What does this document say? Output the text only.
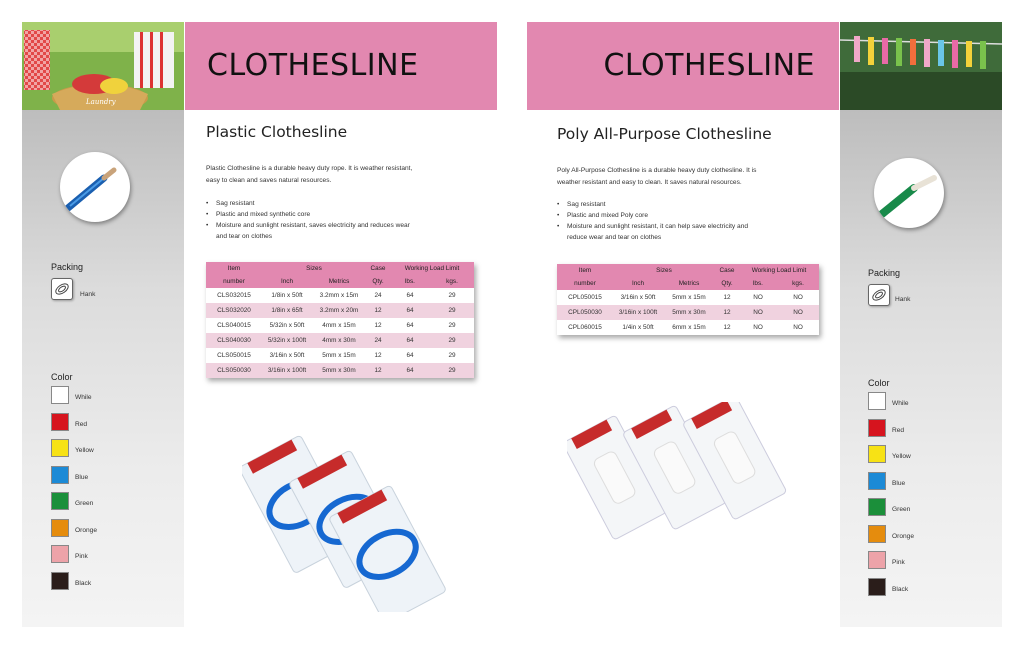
Laundry
CLOTHESLINE
Packing
Hank
Color
While
Red
Yellow
Blue
Green
Oronge
Pink
Black
Plastic Clothesline
Plastic Clothesline is a durable heavy duty rope. It is weather resistant,
easy to clean and saves natural resources.
• Sag resistant
• Plastic and mixed synthetic core
• Moisture and sunlight resistant, saves electricity and reduces wear
and tear on clothes
Item	Sizes		Case	Working Load Limit	
number	Inch	Metrics	Qty.	lbs.	kgs.
CLS032015	1/8in x 50ft	3.2mm x 15m	24	64	29
CLS032020	1/8in x 65ft	3.2mm x 20m	12	64	29
CLS040015	5/32in x 50ft	4mm x 15m	12	64	29
CLS040030	5/32in x 100ft	4mm x 30m	24	64	29
CLS050015	3/16in x 50ft	5mm x 15m	12	64	29
CLS050030	3/16in x 100ft	5mm x 30m	12	64	29
CLOTHESLINE
Packing
Hank
Color
While
Red
Yellow
Blue
Green
Oronge
Pink
Black
Poly All-Purpose Clothesline
Poly All-Purpose Clothesline is a durable heavy duty clothesline. It is
weather resistant and easy to clean. It saves natural resources.
• Sag resistant
• Plastic and mixed Poly core
• Moisture and sunlight resistant, it can help save electricity and
reduce wear and tear on clothes
Item	Sizes		Case	Working Load Limit	
number	Inch	Metrics	Qty.	lbs.	kgs.
CPL050015	3/16in x 50ft	5mm x 15m	12	NO	NO
CPL050030	3/16in x 100ft	5mm x 30m	12	NO	NO
CPL060015	1/4in x 50ft	6mm x 15m	12	NO	NO
